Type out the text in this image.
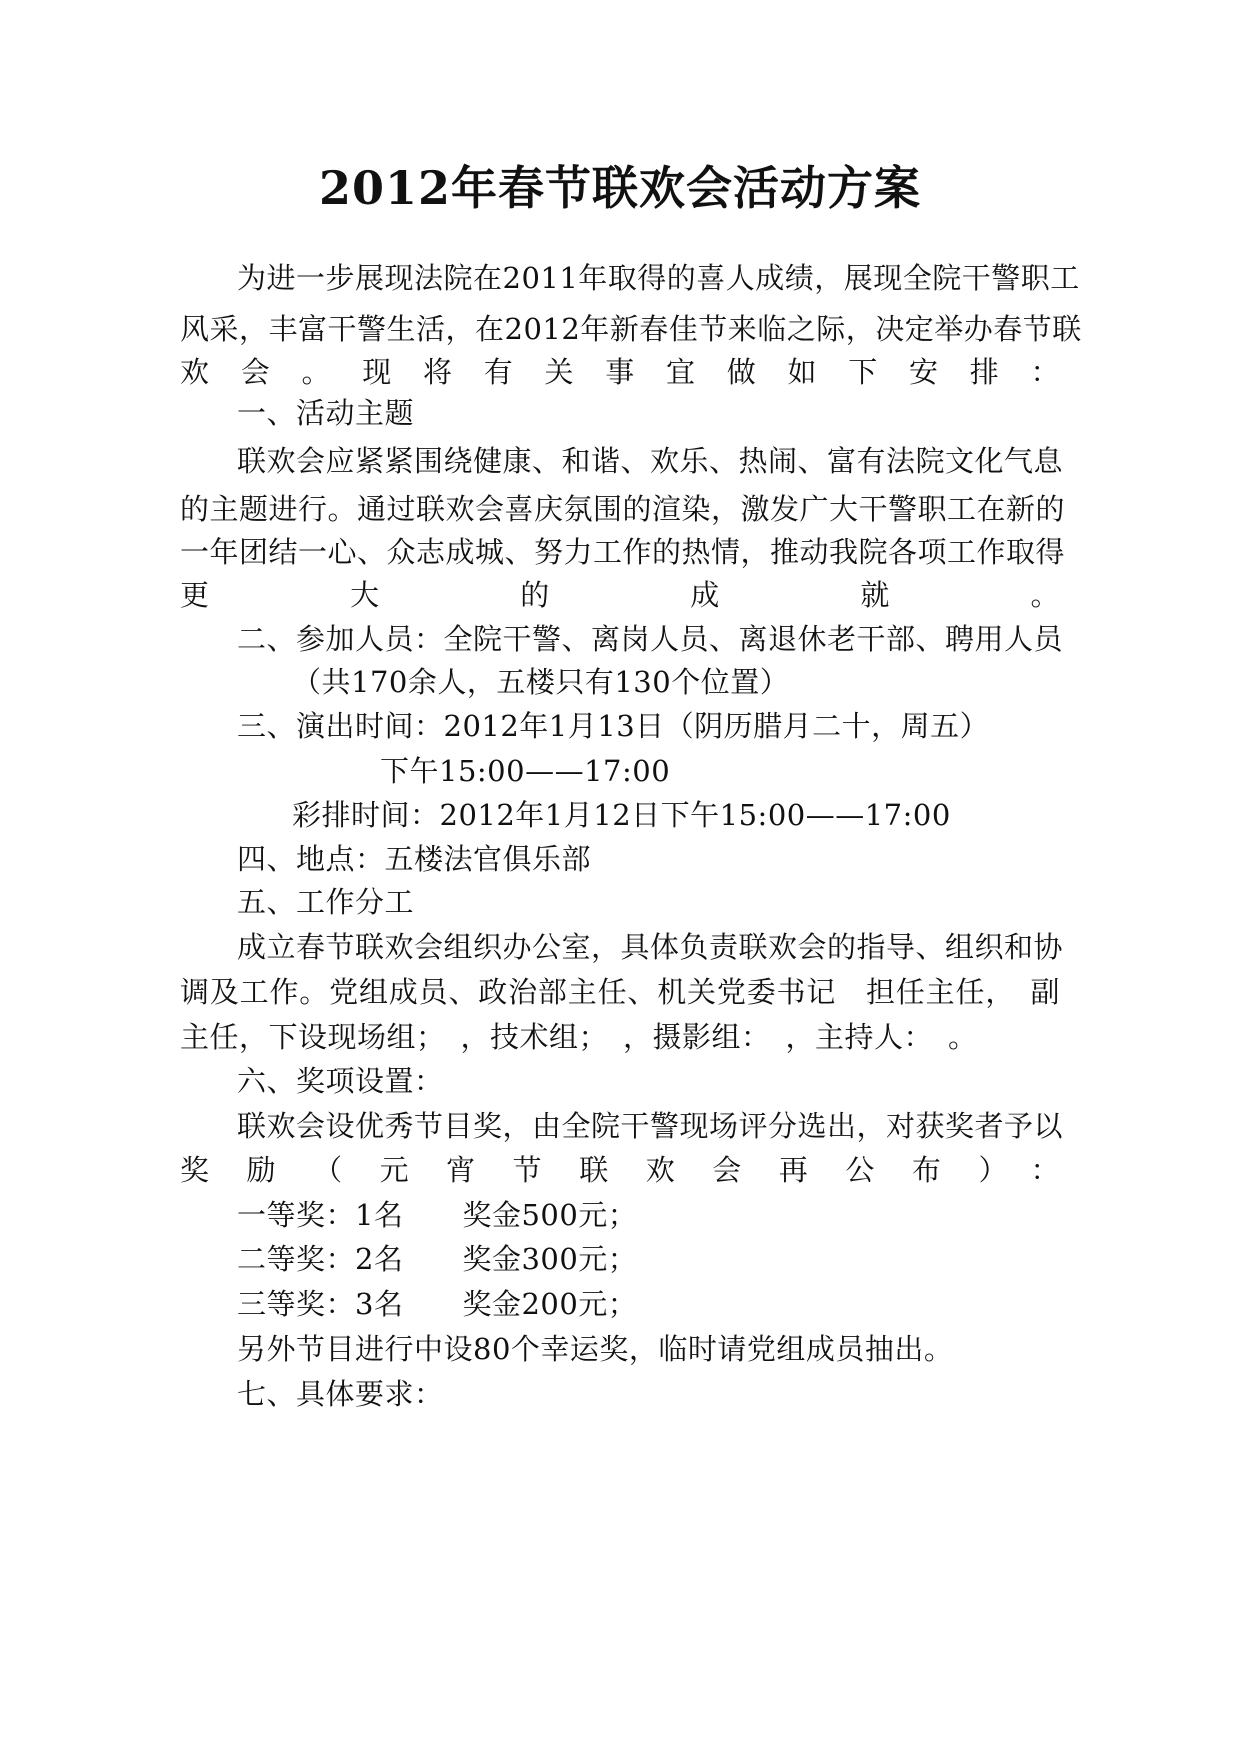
2012年春节联欢会活动方案
为进一步展现法院在2011年取得的喜人成绩，展现全院干警职工
风采，丰富干警生活，在2012年新春佳节来临之际，决定举办春节联
欢会。现将有关事宜做如下安排：
一、活动主题
联欢会应紧紧围绕健康、和谐、欢乐、热闹、富有法院文化气息
的主题进行。通过联欢会喜庆氛围的渲染，激发广大干警职工在新的
一年团结一心、众志成城、努力工作的热情，推动我院各项工作取得
更大的成就。
二、参加人员：全院干警、离岗人员、离退休老干部、聘用人员
（共170余人，五楼只有130个位置）
三、演出时间：2012年1月13日（阴历腊月二十，周五）
下午15:00——17:00
彩排时间：2012年1月12日下午15:00——17:00
四、地点：五楼法官俱乐部
五、工作分工
成立春节联欢会组织办公室，具体负责联欢会的指导、组织和协
调及工作。党组成员、政治部主任、机关党委书记　担任主任，　副
主任，下设现场组；　，技术组；　，摄影组：　，主持人：　。
六、奖项设置：
联欢会设优秀节目奖，由全院干警现场评分选出，对获奖者予以
奖励（元宵节联欢会再公布）：
一等奖：1名　　奖金500元；
二等奖：2名　　奖金300元；
三等奖：3名　　奖金200元；
另外节目进行中设80个幸运奖，临时请党组成员抽出。
七、具体要求：
